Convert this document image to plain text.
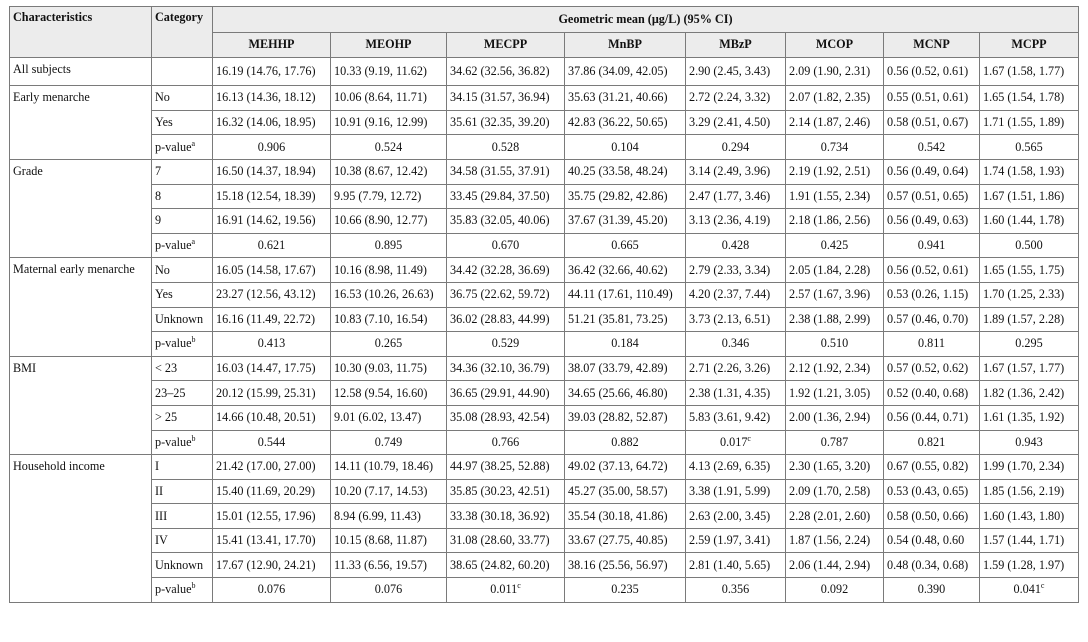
Characteristics	Category	Geometric mean (μg/L) (95% CI)							
		MEHHP	MEOHP	MECPP	MnBP	MBzP	MCOP	MCNP	MCPP
All subjects		16.19 (14.76, 17.76)	10.33 (9.19, 11.62)	34.62 (32.56, 36.82)	37.86 (34.09, 42.05)	2.90 (2.45, 3.43)	2.09 (1.90, 2.31)	0.56 (0.52, 0.61)	1.67 (1.58, 1.77)
Early menarche	No	16.13 (14.36, 18.12)	10.06 (8.64, 11.71)	34.15 (31.57, 36.94)	35.63 (31.21, 40.66)	2.72 (2.24, 3.32)	2.07 (1.82, 2.35)	0.55 (0.51, 0.61)	1.65 (1.54, 1.78)
	Yes	16.32 (14.06, 18.95)	10.91 (9.16, 12.99)	35.61 (32.35, 39.20)	42.83 (36.22, 50.65)	3.29 (2.41, 4.50)	2.14 (1.87, 2.46)	0.58 (0.51, 0.67)	1.71 (1.55, 1.89)
	p-value$^a$	0.906	0.524	0.528	0.104	0.294	0.734	0.542	0.565
Grade	7	16.50 (14.37, 18.94)	10.38 (8.67, 12.42)	34.58 (31.55, 37.91)	40.25 (33.58, 48.24)	3.14 (2.49, 3.96)	2.19 (1.92, 2.51)	0.56 (0.49, 0.64)	1.74 (1.58, 1.93)
	8	15.18 (12.54, 18.39)	9.95 (7.79, 12.72)	33.45 (29.84, 37.50)	35.75 (29.82, 42.86)	2.47 (1.77, 3.46)	1.91 (1.55, 2.34)	0.57 (0.51, 0.65)	1.67 (1.51, 1.86)
	9	16.91 (14.62, 19.56)	10.66 (8.90, 12.77)	35.83 (32.05, 40.06)	37.67 (31.39, 45.20)	3.13 (2.36, 4.19)	2.18 (1.86, 2.56)	0.56 (0.49, 0.63)	1.60 (1.44, 1.78)
	p-value$^a$	0.621	0.895	0.670	0.665	0.428	0.425	0.941	0.500
Maternal early menarche	No	16.05 (14.58, 17.67)	10.16 (8.98, 11.49)	34.42 (32.28, 36.69)	36.42 (32.66, 40.62)	2.79 (2.33, 3.34)	2.05 (1.84, 2.28)	0.56 (0.52, 0.61)	1.65 (1.55, 1.75)
	Yes	23.27 (12.56, 43.12)	16.53 (10.26, 26.63)	36.75 (22.62, 59.72)	44.11 (17.61, 110.49)	4.20 (2.37, 7.44)	2.57 (1.67, 3.96)	0.53 (0.26, 1.15)	1.70 (1.25, 2.33)
	Unknown	16.16 (11.49, 22.72)	10.83 (7.10, 16.54)	36.02 (28.83, 44.99)	51.21 (35.81, 73.25)	3.73 (2.13, 6.51)	2.38 (1.88, 2.99)	0.57 (0.46, 0.70)	1.89 (1.57, 2.28)
	p-value$^b$	0.413	0.265	0.529	0.184	0.346	0.510	0.811	0.295
BMI	< 23	16.03 (14.47, 17.75)	10.30 (9.03, 11.75)	34.36 (32.10, 36.79)	38.07 (33.79, 42.89)	2.71 (2.26, 3.26)	2.12 (1.92, 2.34)	0.57 (0.52, 0.62)	1.67 (1.57, 1.77)
	23–25	20.12 (15.99, 25.31)	12.58 (9.54, 16.60)	36.65 (29.91, 44.90)	34.65 (25.66, 46.80)	2.38 (1.31, 4.35)	1.92 (1.21, 3.05)	0.52 (0.40, 0.68)	1.82 (1.36, 2.42)
	> 25	14.66 (10.48, 20.51)	9.01 (6.02, 13.47)	35.08 (28.93, 42.54)	39.03 (28.82, 52.87)	5.83 (3.61, 9.42)	2.00 (1.36, 2.94)	0.56 (0.44, 0.71)	1.61 (1.35, 1.92)
	p-value$^b$	0.544	0.749	0.766	0.882	0.017$^c$	0.787	0.821	0.943
Household income	I	21.42 (17.00, 27.00)	14.11 (10.79, 18.46)	44.97 (38.25, 52.88)	49.02 (37.13, 64.72)	4.13 (2.69, 6.35)	2.30 (1.65, 3.20)	0.67 (0.55, 0.82)	1.99 (1.70, 2.34)
	II	15.40 (11.69, 20.29)	10.20 (7.17, 14.53)	35.85 (30.23, 42.51)	45.27 (35.00, 58.57)	3.38 (1.91, 5.99)	2.09 (1.70, 2.58)	0.53 (0.43, 0.65)	1.85 (1.56, 2.19)
	III	15.01 (12.55, 17.96)	8.94 (6.99, 11.43)	33.38 (30.18, 36.92)	35.54 (30.18, 41.86)	2.63 (2.00, 3.45)	2.28 (2.01, 2.60)	0.58 (0.50, 0.66)	1.60 (1.43, 1.80)
	IV	15.41 (13.41, 17.70)	10.15 (8.68, 11.87)	31.08 (28.60, 33.77)	33.67 (27.75, 40.85)	2.59 (1.97, 3.41)	1.87 (1.56, 2.24)	0.54 (0.48, 0.60	1.57 (1.44, 1.71)
	Unknown	17.67 (12.90, 24.21)	11.33 (6.56, 19.57)	38.65 (24.82, 60.20)	38.16 (25.56, 56.97)	2.81 (1.40, 5.65)	2.06 (1.44, 2.94)	0.48 (0.34, 0.68)	1.59 (1.28, 1.97)
	p-value$^b$	0.076	0.076	0.011$^c$	0.235	0.356	0.092	0.390	0.041$^c$
